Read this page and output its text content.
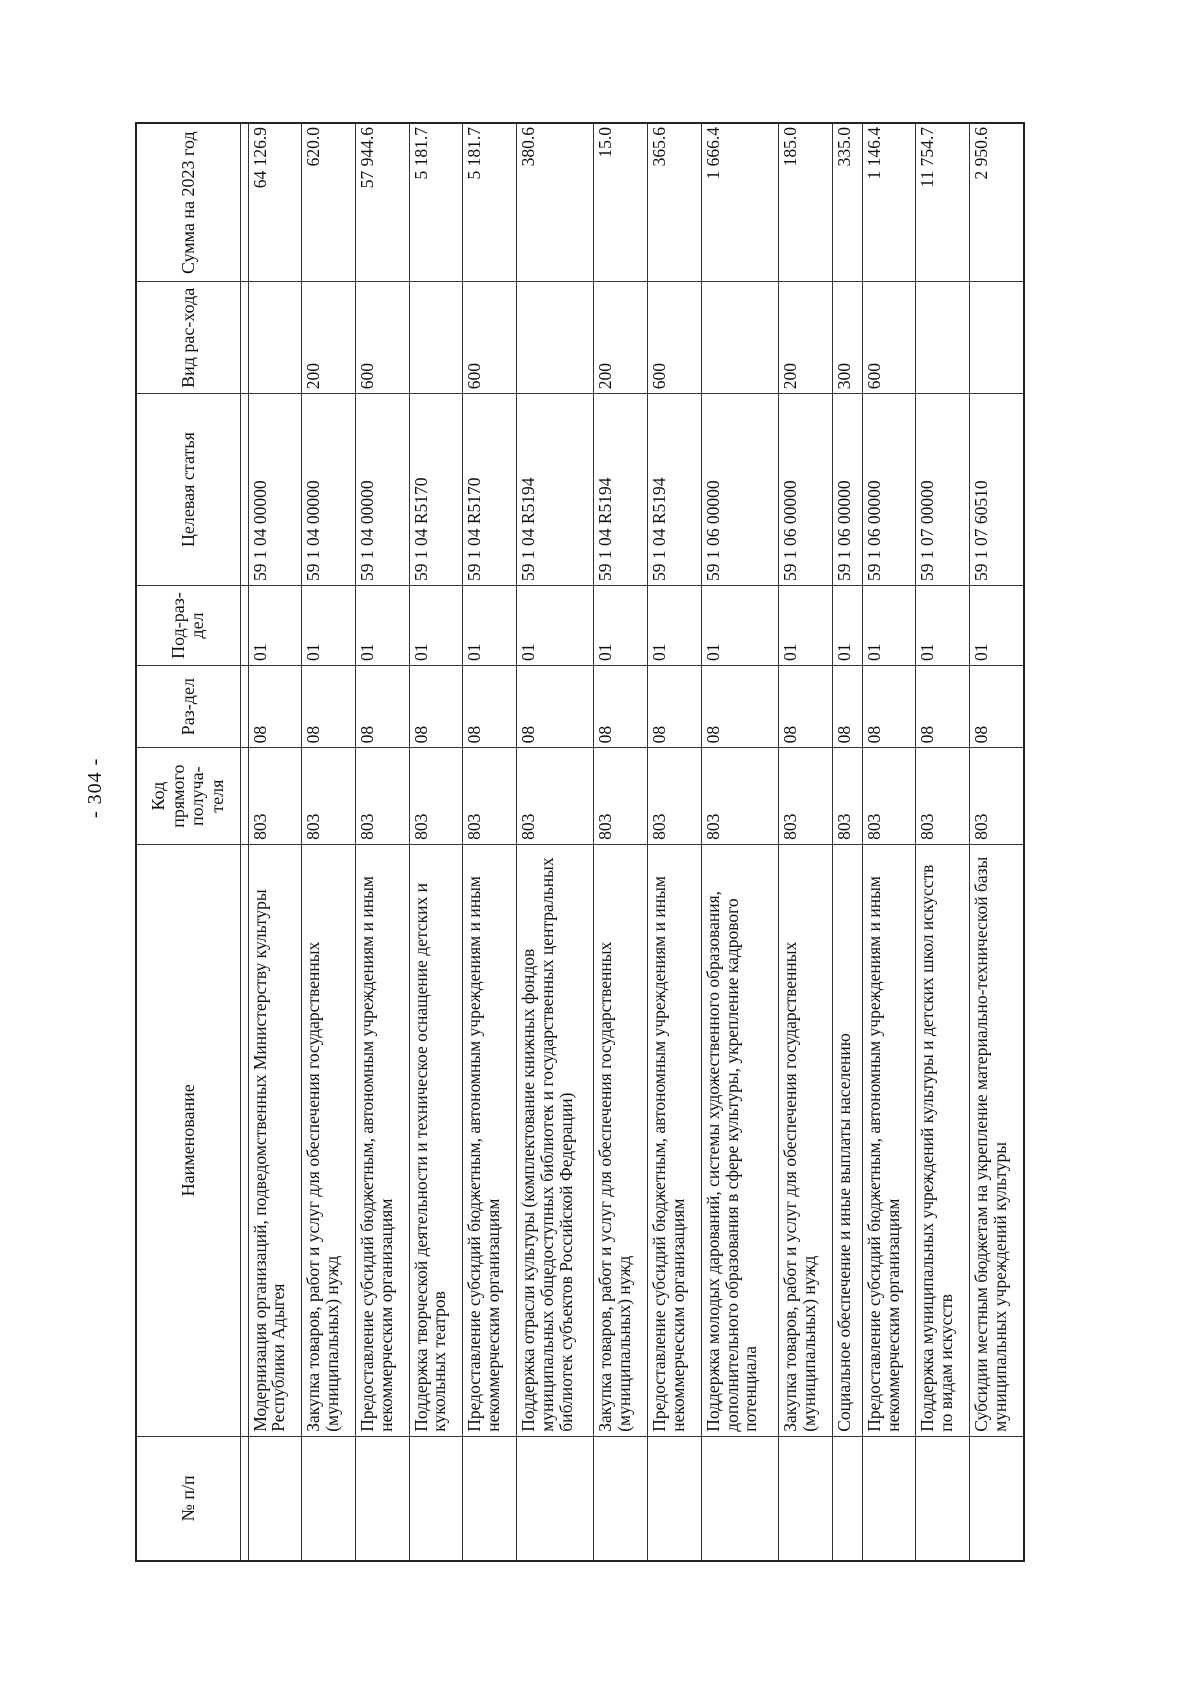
- 304 -
№ п/п	Наименование	Код прямого получа-теля	Раз-дел	Под-раз-дел	Целевая статья	Вид рас-хода	Сумма на 2023 год

	Модернизация организаций, подведомственных Министерству культуры Республики Адыгея	803	08	01	59 1 04 00000		64 126.9
	Закупка товаров, работ и услуг для обеспечения государственных (муниципальных) нужд	803	08	01	59 1 04 00000	200	620.0
	Предоставление субсидий бюджетным, автономным учреждениям и иным некоммерческим организациям	803	08	01	59 1 04 00000	600	57 944.6
	Поддержка творческой деятельности и техническое оснащение детских и кукольных театров	803	08	01	59 1 04 R5170		5 181.7
	Предоставление субсидий бюджетным, автономным учреждениям и иным некоммерческим организациям	803	08	01	59 1 04 R5170	600	5 181.7
	Поддержка отрасли культуры (комплектование книжных фондов муниципальных общедоступных библиотек и государственных центральных библиотек субъектов Российской Федерации)	803	08	01	59 1 04 R5194		380.6
	Закупка товаров, работ и услуг для обеспечения государственных (муниципальных) нужд	803	08	01	59 1 04 R5194	200	15.0
	Предоставление субсидий бюджетным, автономным учреждениям и иным некоммерческим организациям	803	08	01	59 1 04 R5194	600	365.6
	Поддержка молодых дарований, системы художественного образования, дополнительного образования в сфере культуры, укрепление кадрового потенциала	803	08	01	59 1 06 00000		1 666.4
	Закупка товаров, работ и услуг для обеспечения государственных (муниципальных) нужд	803	08	01	59 1 06 00000	200	185.0
	Социальное обеспечение и иные выплаты населению	803	08	01	59 1 06 00000	300	335.0
	Предоставление субсидий бюджетным, автономным учреждениям и иным некоммерческим организациям	803	08	01	59 1 06 00000	600	1 146.4
	Поддержка муниципальных учреждений культуры и детских школ искусств по видам искусств	803	08	01	59 1 07 00000		11 754.7
	Субсидии местным бюджетам на укрепление материально-технической базы муниципальных учреждений культуры	803	08	01	59 1 07 60510		2 950.6
